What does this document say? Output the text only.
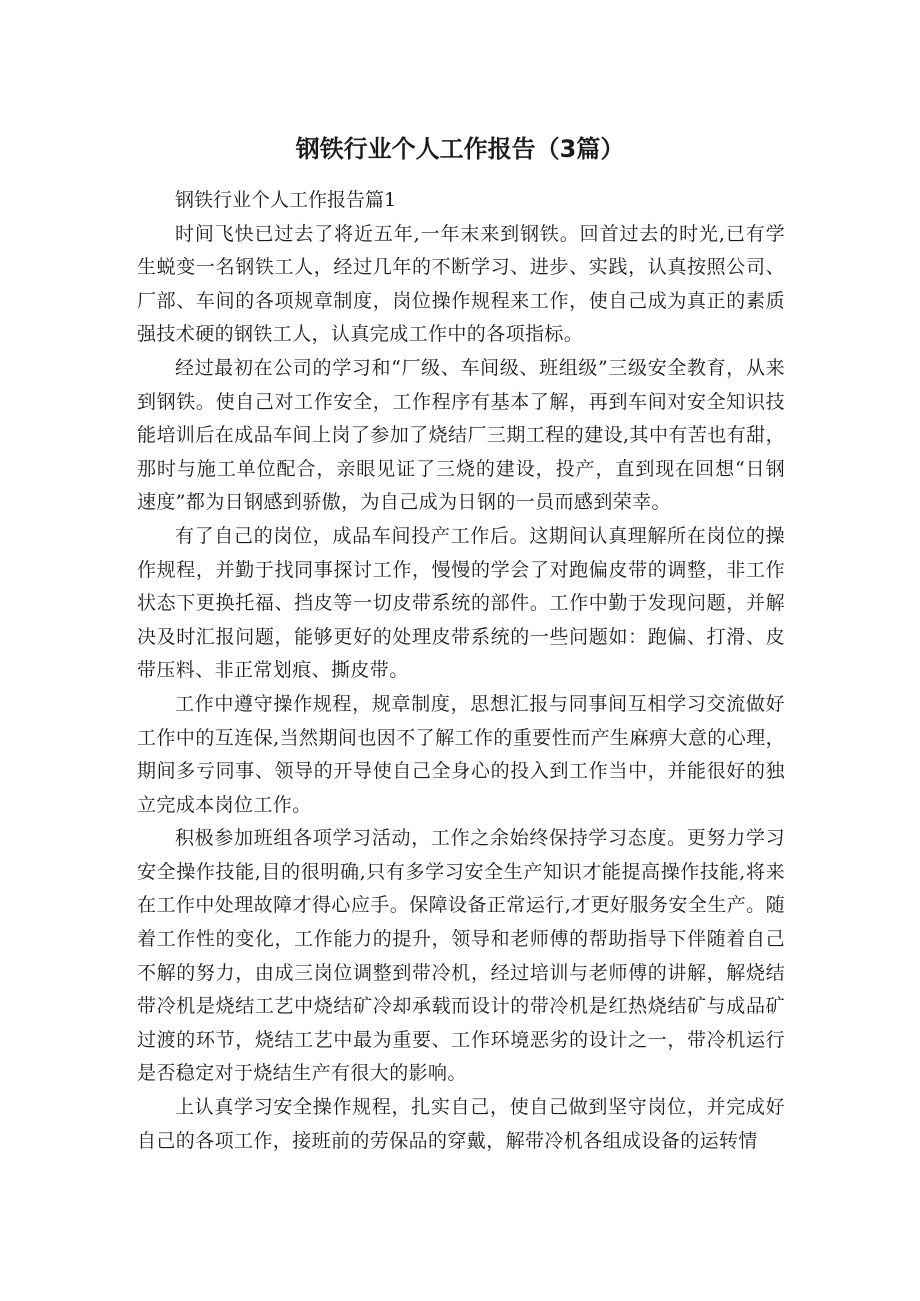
钢铁行业个人工作报告（3篇）

钢铁行业个人工作报告篇1

时间飞快已过去了将近五年,一年末来到钢铁。回首过去的时光,已有学生蜕变一名钢铁工人，经过几年的不断学习、进步、实践，认真按照公司、厂部、车间的各项规章制度，岗位操作规程来工作，使自己成为真正的素质强技术硬的钢铁工人，认真完成工作中的各项指标。

经过最初在公司的学习和“厂级、车间级、班组级”三级安全教育，从来到钢铁。使自己对工作安全，工作程序有基本了解，再到车间对安全知识技能培训后在成品车间上岗了参加了烧结厂三期工程的建设,其中有苦也有甜，那时与施工单位配合，亲眼见证了三烧的建设，投产，直到现在回想“日钢速度”都为日钢感到骄傲，为自己成为日钢的一员而感到荣幸。

有了自己的岗位，成品车间投产工作后。这期间认真理解所在岗位的操作规程，并勤于找同事探讨工作，慢慢的学会了对跑偏皮带的调整，非工作状态下更换托福、挡皮等一切皮带系统的部件。工作中勤于发现问题，并解决及时汇报问题，能够更好的处理皮带系统的一些问题如：跑偏、打滑、皮带压料、非正常划痕、撕皮带。

工作中遵守操作规程，规章制度，思想汇报与同事间互相学习交流做好工作中的互连保,当然期间也因不了解工作的重要性而产生麻痹大意的心理，期间多亏同事、领导的开导使自己全身心的投入到工作当中，并能很好的独立完成本岗位工作。

积极参加班组各项学习活动，工作之余始终保持学习态度。更努力学习安全操作技能,目的很明确,只有多学习安全生产知识才能提高操作技能,将来在工作中处理故障才得心应手。保障设备正常运行,才更好服务安全生产。随着工作性的变化，工作能力的提升，领导和老师傅的帮助指导下伴随着自己不解的努力，由成三岗位调整到带冷机，经过培训与老师傅的讲解，解烧结带冷机是烧结工艺中烧结矿冷却承载而设计的带冷机是红热烧结矿与成品矿过渡的环节，烧结工艺中最为重要、工作环境恶劣的设计之一，带冷机运行是否稳定对于烧结生产有很大的影响。

上认真学习安全操作规程，扎实自己，使自己做到坚守岗位，并完成好自己的各项工作，接班前的劳保品的穿戴，解带冷机各组成设备的运转情
